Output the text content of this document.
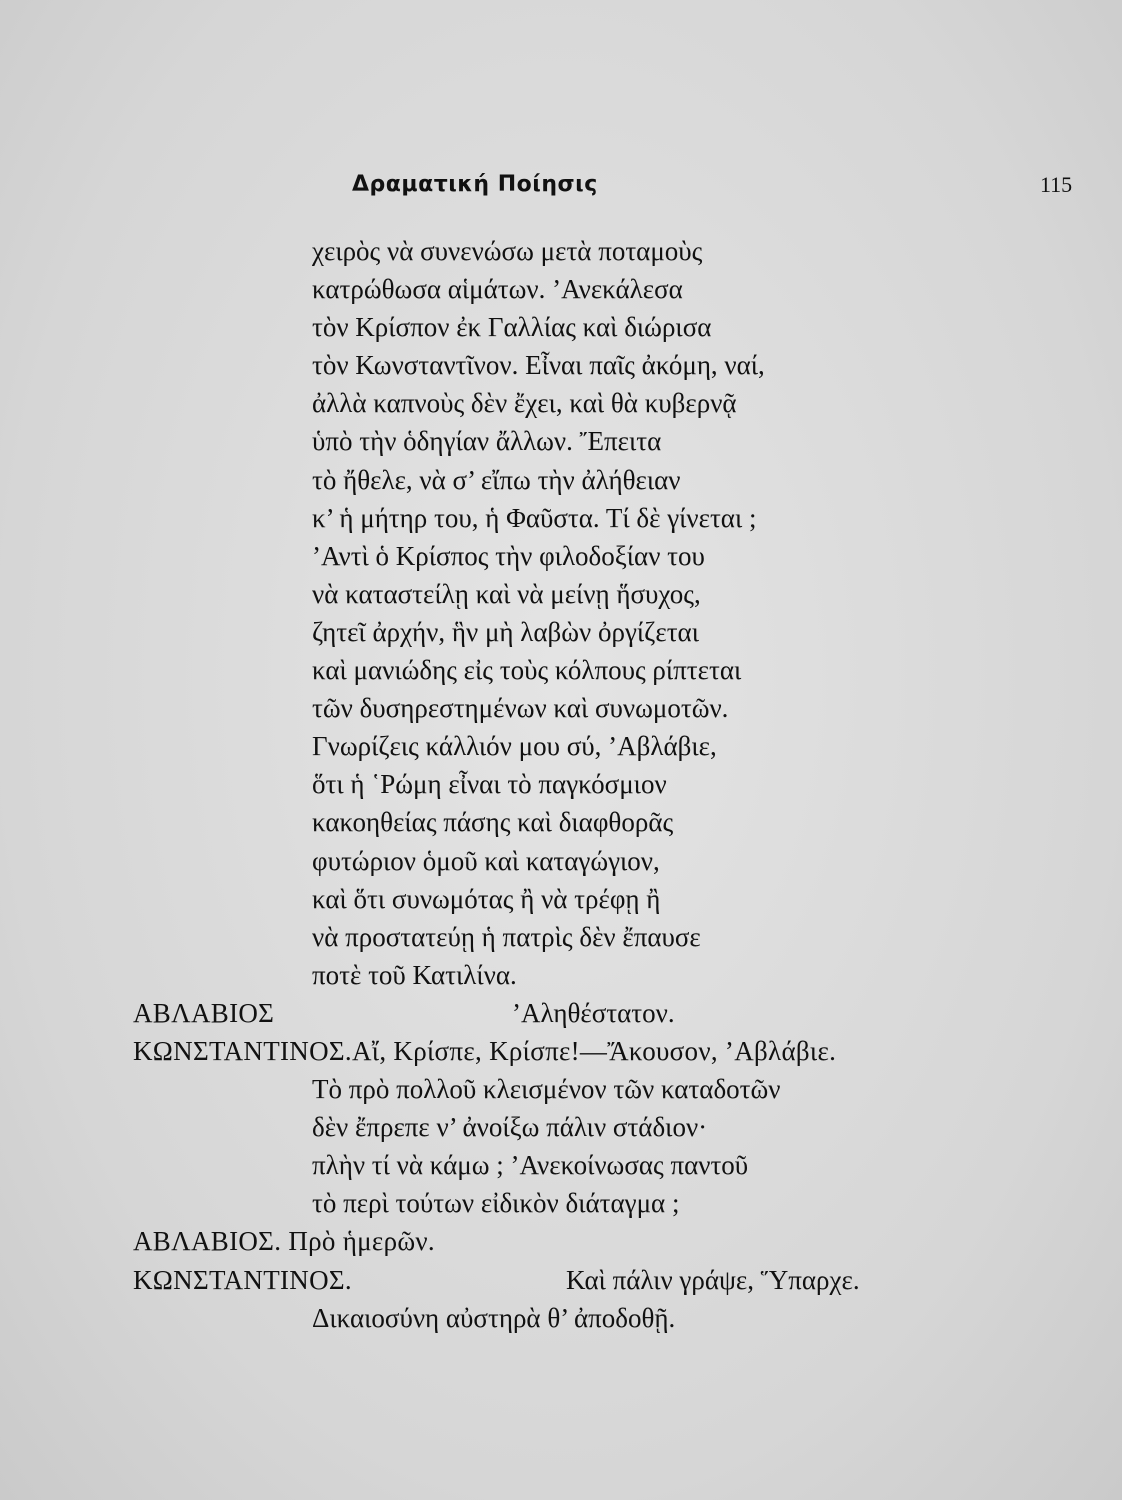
Δραματική Ποίησις	115
χειρὸς νὰ συνενώσω μετὰ ποταμοὺς
κατρώθωσα αἱμάτων. ’Ανεκάλεσα
τὸν Κρίσπον ἐκ Γαλλίας καὶ διώρισα
τὸν Κωνσταντῖνον. Εἶναι παῖς ἀκόμη, ναί,
ἀλλὰ καπνοὺς δὲν ἔχει, καὶ θὰ κυβερνᾷ
ὑπὸ τὴν ὁδηγίαν ἄλλων. Ἔπειτα
τὸ ἤθελε, νὰ σ’ εἴπω τὴν ἀλήθειαν
κ’ ἡ μήτηρ του, ἡ Φαῦστα. Τί δὲ γίνεται ;
’Αντὶ ὁ Κρίσπος τὴν φιλοδοξίαν του
νὰ καταστείλῃ καὶ νὰ μείνῃ ἥσυχος,
ζητεῖ ἀρχήν, ἣν μὴ λαβὼν ὀργίζεται
καὶ μανιώδης εἰς τοὺς κόλπους ρίπτεται
τῶν δυσηρεστημένων καὶ συνωμοτῶν.
Γνωρίζεις κάλλιόν μου σύ, ’Αβλάβιε,
ὅτι ἡ ῾Ρώμη εἶναι τὸ παγκόσμιον
κακοηθείας πάσης καὶ διαφθορᾶς
φυτώριον ὁμοῦ καὶ καταγώγιον,
καὶ ὅτι συνωμότας ἢ νὰ τρέφῃ ἢ
νὰ προστατεύῃ ἡ πατρὶς δὲν ἔπαυσε
ποτὲ τοῦ Κατιλίνα.
ΑΒΛΑΒΙΟΣ	’Αληθέστατον.
ΚΩΝΣΤΑΝΤΙΝΟΣ.Αἴ, Κρίσπε, Κρίσπε!—Ἄκουσον, ’Αβλάβιε.
Τὸ πρὸ πολλοῦ κλεισμένον τῶν καταδοτῶν
δὲν ἔπρεπε ν’ ἀνοίξω πάλιν στάδιον·
πλὴν τί νὰ κάμω ; ’Ανεκοίνωσας παντοῦ
τὸ περὶ τούτων εἰδικὸν διάταγμα ;
ΑΒΛΑΒΙΟΣ. Πρὸ ἡμερῶν.
ΚΩΝΣΤΑΝΤΙΝΟΣ.	Καὶ πάλιν γράψε, Ὕπαρχε.
Δικαιοσύνη αὐστηρὰ θ’ ἀποδοθῇ.
